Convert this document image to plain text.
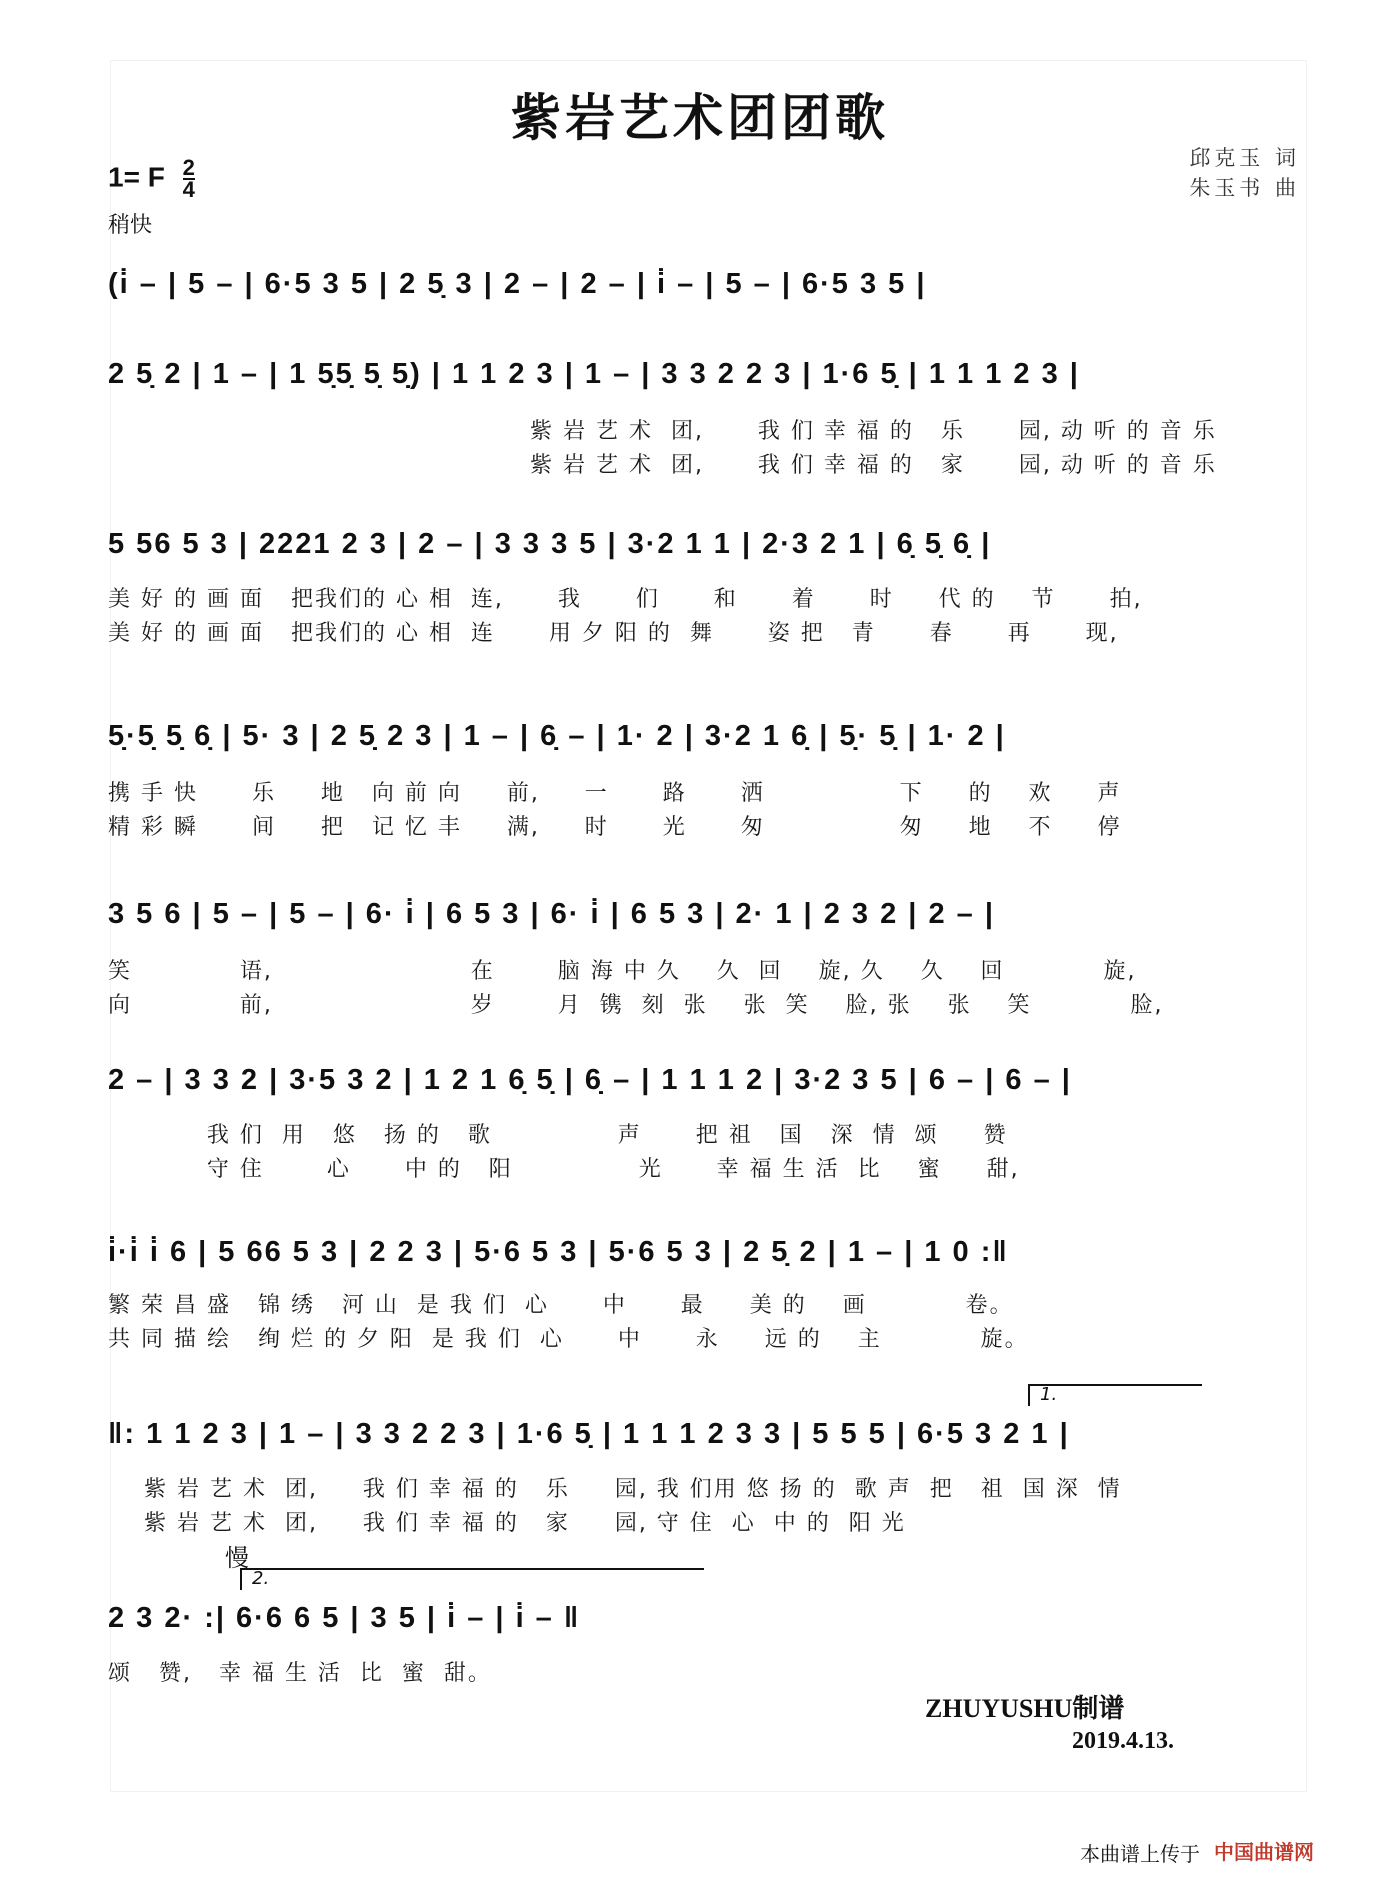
紫岩艺术团团歌
邱克玉 词
朱玉书 曲
1= F $\frac{2}{4}$
稍快
(i̇ – | 5 – | 6·5 3 5 | 2 5̣ 3 | 2 – | 2 – | i̇ – | 5 – | 6·5 3 5 |
2 5̣ 2 | 1 – | 1 5̣5̣ 5̣ 5̣) | 1 1 2 3 | 1 – | 3 3 2 2 3 | 1·6 5̣ | 1 1 1 2 3 |
紫 岩 艺 术  团,      我 们 幸 福 的   乐      园, 动 听 的 音 乐
紫 岩 艺 术  团,      我 们 幸 福 的   家      园, 动 听 的 音 乐
5 56 5 3 | 2221 2 3 | 2 – | 3 3 3 5 | 3·2 1 1 | 2·3 2 1 | 6̣ 5̣ 6̣ |
美 好 的 画 面   把我们的 心 相  连,      我      们      和      着      时     代 的    节      拍,
美 好 的 画 面   把我们的 心 相  连      用 夕 阳 的  舞      姿 把   青      春      再      现,
5̣·5̣ 5̣ 6̣ | 5· 3 | 2 5̣ 2 3 | 1 – | 6̣ – | 1· 2 | 3·2 1 6̣ | 5̣· 5̣ | 1· 2 |
携 手 快      乐     地   向 前 向     前,     一      路      洒               下     的    欢     声
精 彩 瞬      间     把   记 忆 丰     满,     时      光      匆               匆     地    不     停
3 5 6 | 5 – | 5 – | 6· i̇ | 6 5 3 | 6· i̇ | 6 5 3 | 2· 1 | 2 3 2 | 2 – |
笑            语,                      在       脑 海 中 久    久  回    旋, 久    久    回           旋,
向            前,                      岁       月  镌  刻  张    张  笑    脸, 张    张    笑           脸,
2 – | 3 3 2 | 3·5 3 2 | 1 2 1 6̣ 5̣ | 6̣ – | 1 1 1 2 | 3·2 3 5 | 6 – | 6 – |
我 们  用   悠   扬 的   歌              声      把 祖   国   深  情  颂     赞
守 住       心      中 的   阳              光      幸 福 生 活  比    蜜     甜,
i̇·i̇ i̇ 6 | 5 66 5 3 | 2 2 3 | 5·6 5 3 | 5·6 5 3 | 2 5̣ 2 | 1 – | 1 0 :‖
繁 荣 昌 盛   锦 绣   河 山  是 我 们  心      中      最     美 的    画           卷。
共 同 描 绘   绚 烂 的 夕 阳  是 我 们  心      中      永     远 的    主           旋。
1.
‖: 1 1 2 3 | 1 – | 3 3 2 2 3 | 1·6 5̣ | 1 1 1 2 3 3 | 5 5 5 | 6·5 3 2 1 |
紫 岩 艺 术  团,     我 们 幸 福 的   乐     园, 我 们用 悠 扬 的  歌 声  把   祖  国 深  情
紫 岩 艺 术  团,     我 们 幸 福 的   家     园, 守 住  心  中 的  阳 光
慢
2.
2 3 2· :| 6·6 6 5 | 3 5 | i̇ – | i̇ – ‖
颂   赞,   幸 福 生 活  比  蜜  甜。
ZHUYUSHU制谱
2019.4.13.
本曲谱上传于 中国曲谱网
